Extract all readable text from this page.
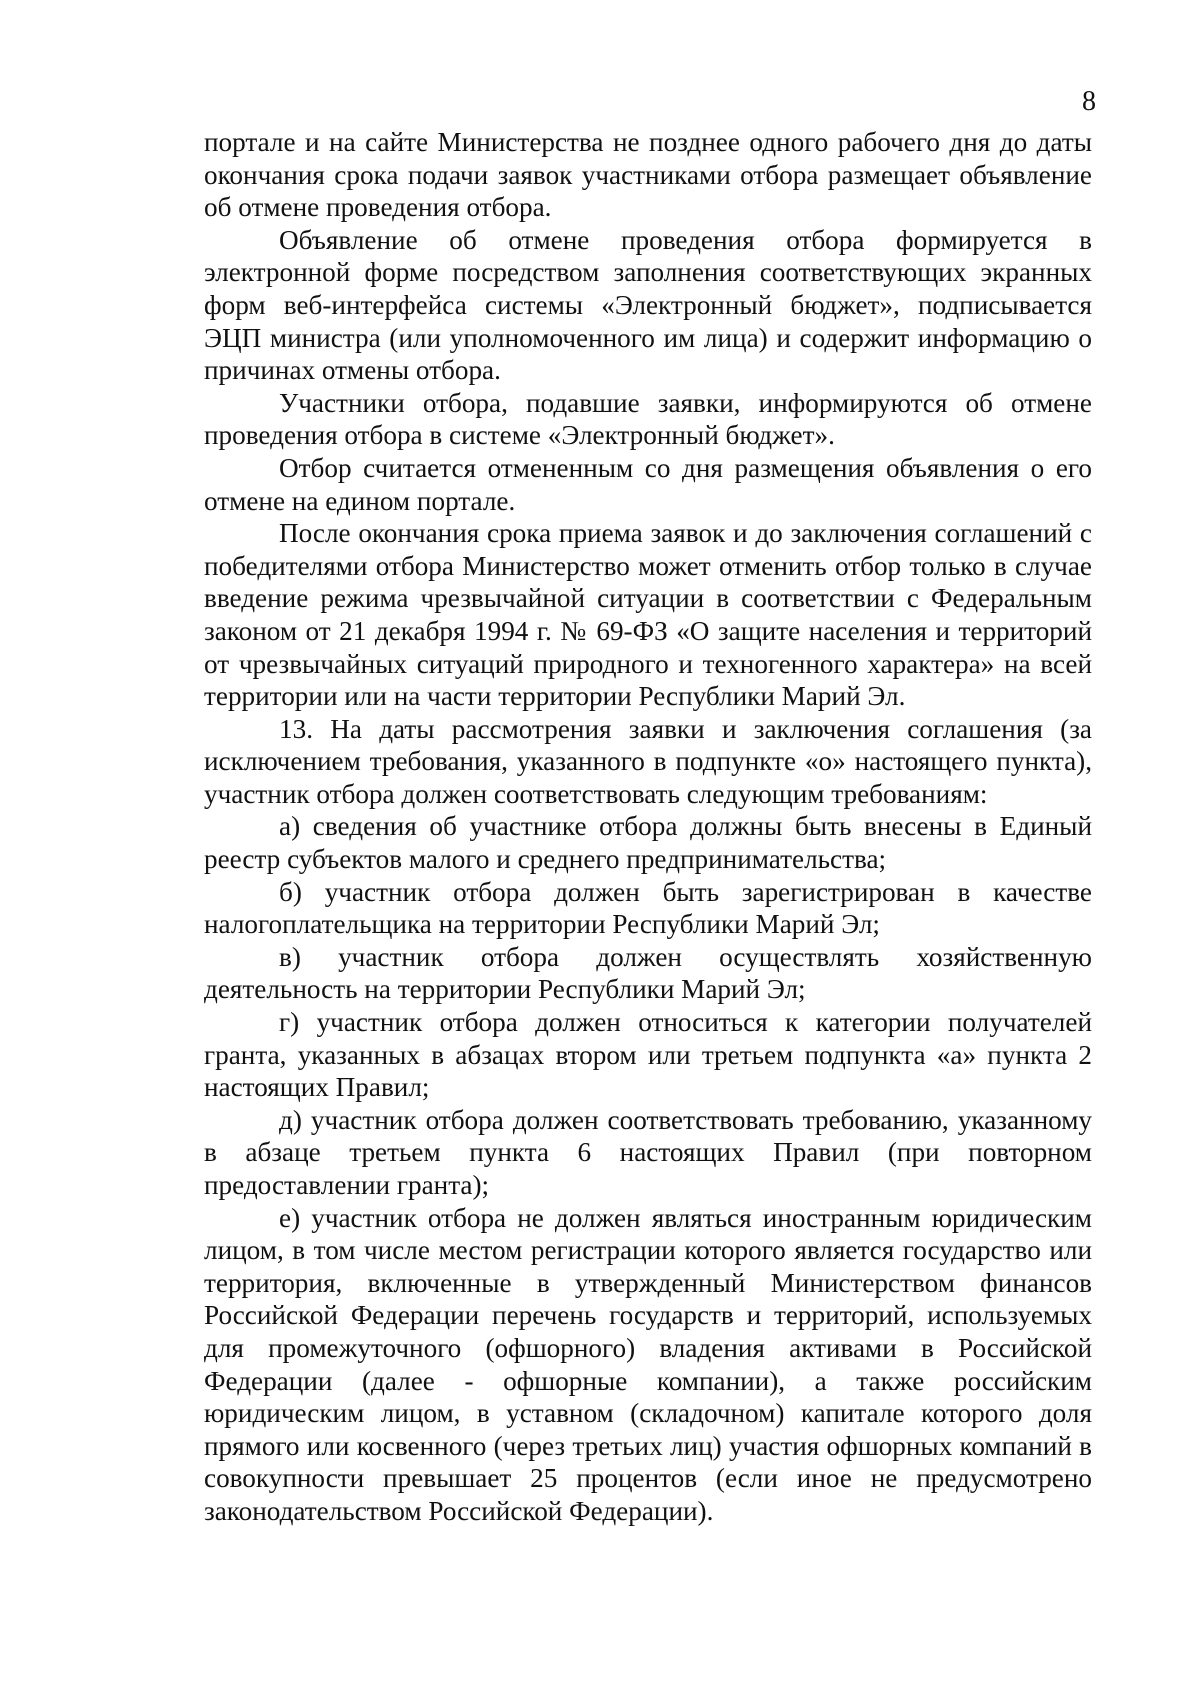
8

портале и на сайте Министерства не позднее одного рабочего дня до даты окончания срока подачи заявок участниками отбора размещает объявление об отмене проведения отбора.

Объявление об отмене проведения отбора формируется в электронной форме посредством заполнения соответствующих экранных форм веб-интерфейса системы «Электронный бюджет», подписывается ЭЦП министра (или уполномоченного им лица) и содержит информацию о причинах отмены отбора.

Участники отбора, подавшие заявки, информируются об отмене проведения отбора в системе «Электронный бюджет».

Отбор считается отмененным со дня размещения объявления о его отмене на едином портале.

После окончания срока приема заявок и до заключения соглашений с победителями отбора Министерство может отменить отбор только в случае введение режима чрезвычайной ситуации в соответствии с Федеральным законом от 21 декабря 1994 г. № 69-ФЗ «О защите населения и территорий от чрезвычайных ситуаций природного и техногенного характера» на всей территории или на части территории Республики Марий Эл.

13. На даты рассмотрения заявки и заключения соглашения (за исключением требования, указанного в подпункте «о» настоящего пункта), участник отбора должен соответствовать следующим требованиям:

а) сведения об участнике отбора должны быть внесены в Единый реестр субъектов малого и среднего предпринимательства;

б) участник отбора должен быть зарегистрирован в качестве налогоплательщика на территории Республики Марий Эл;

в) участник отбора должен осуществлять хозяйственную деятельность на территории Республики Марий Эл;

г) участник отбора должен относиться к категории получателей гранта, указанных в абзацах втором или третьем подпункта «а» пункта 2 настоящих Правил;

д) участник отбора должен соответствовать требованию, указанному в абзаце третьем пункта 6 настоящих Правил (при повторном предоставлении гранта);

е) участник отбора не должен являться иностранным юридическим лицом, в том числе местом регистрации которого является государство или территория, включенные в утвержденный Министерством финансов Российской Федерации перечень государств и территорий, используемых для промежуточного (офшорного) владения активами в Российской Федерации (далее - офшорные компании), а также российским юридическим лицом, в уставном (складочном) капитале которого доля прямого или косвенного (через третьих лиц) участия офшорных компаний в совокупности превышает 25 процентов (если иное не предусмотрено законодательством Российской Федерации).
